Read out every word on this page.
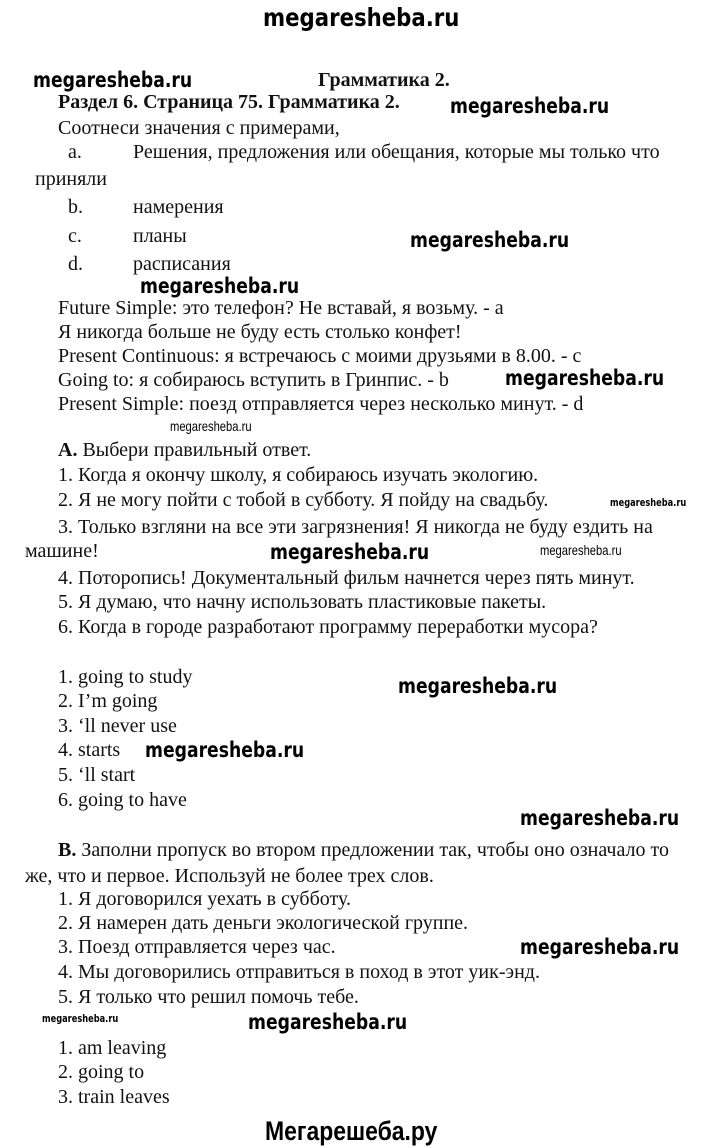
megaresheba.ru
megaresheba.ru
megaresheba.ru
megaresheba.ru
megaresheba.ru
megaresheba.ru
megaresheba.ru
megaresheba.ru
megaresheba.ru	megaresheba.ru
megaresheba.ru
megaresheba.ru
megaresheba.ru
megaresheba.ru
megaresheba.ru	megaresheba.ru
Мегарешеба.ру
Грамматика 2.
Раздел 6. Страница 75. Грамматика 2.
Соотнеси значения с примерами,
a.	Решения, предложения или обещания, которые мы только что
приняли
b.	намерения
c.	планы
d.	расписания
Future Simple: это телефон? Не вставай, я возьму. - a
Я никогда больше не буду есть столько конфет!
Present Continuous: я встречаюсь с моими друзьями в 8.00. - c
Going to: я собираюсь вступить в Гринпис. - b
Present Simple: поезд отправляется через несколько минут. - d
A. Выбери правильный ответ.
1. Когда я окончу школу, я собираюсь изучать экологию.
2. Я не могу пойти с тобой в субботу. Я пойду на свадьбу.
3. Только взгляни на все эти загрязнения! Я никогда не буду ездить на
машине!
4. Поторопись! Документальный фильм начнется через пять минут.
5. Я думаю, что начну использовать пластиковые пакеты.
6. Когда в городе разработают программу переработки мусора?
1. going to study
2. I’m going
3. ‘ll never use
4. starts
5. ‘ll start
6. going to have
B. Заполни пропуск во втором предложении так, чтобы оно означало то
же, что и первое. Используй не более трех слов.
1. Я договорился уехать в субботу.
2. Я намерен дать деньги экологической группе.
3. Поезд отправляется через час.
4. Мы договорились отправиться в поход в этот уик-энд.
5. Я только что решил помочь тебе.
1. am leaving
2. going to
3. train leaves
